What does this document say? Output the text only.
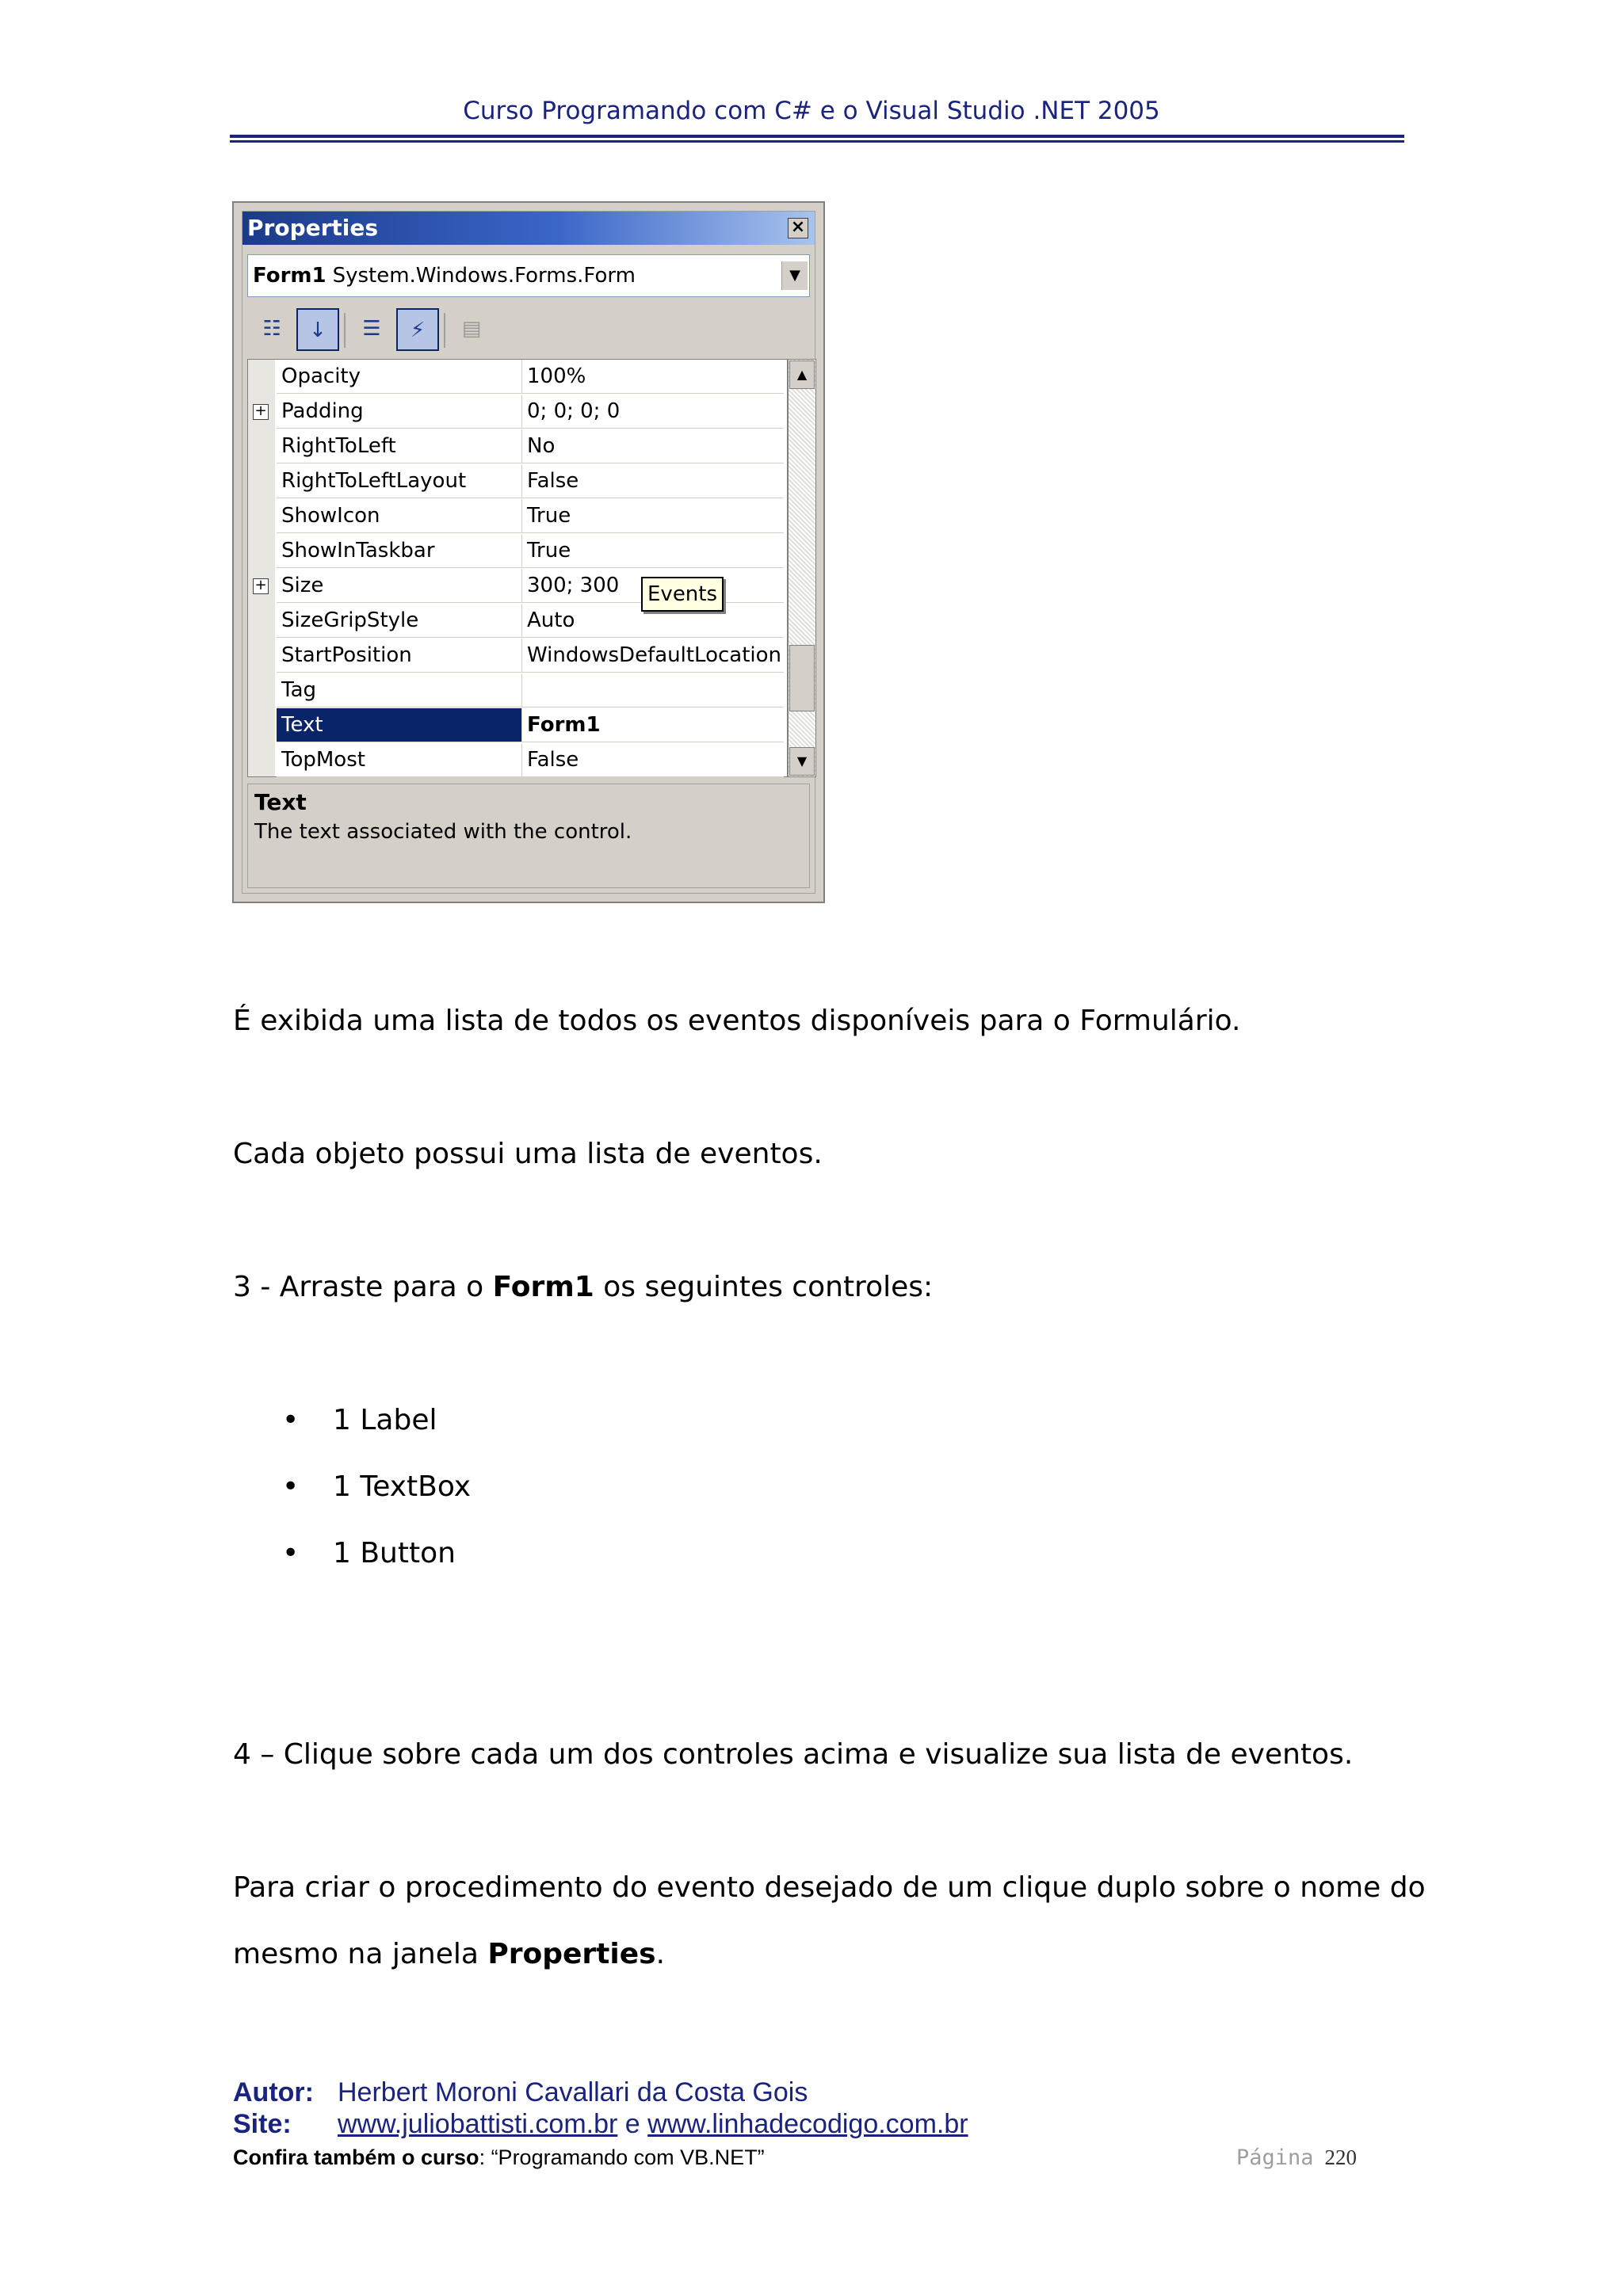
Curso Programando com C# e o Visual Studio .NET 2005
Properties	×
Form1 System.Windows.Forms.Form	▼
☷	↓	☰	⚡	▤
Opacity	100%
+ Padding	0; 0; 0; 0
RightToLeft	No
RightToLeftLayout	False
ShowIcon	True
ShowInTaskbar	True
+ Size	300; 300
SizeGripStyle	Auto
StartPosition	WindowsDefaultLocation
Tag
Text	Form1
TopMost	False
▲
▼
Text
The text associated with the control.
Events
É exibida uma lista de todos os eventos disponíveis para o Formulário.
Cada objeto possui uma lista de eventos.
3 - Arraste para o Form1 os seguintes controles:
• 1 Label
• 1 TextBox
• 1 Button
4 – Clique sobre cada um dos controles acima e visualize sua lista de eventos.
Para criar o procedimento do evento desejado de um clique duplo sobre o nome do
mesmo na janela Properties.
Autor: Herbert Moroni Cavallari da Costa Gois
Site: www.juliobattisti.com.br e www.linhadecodigo.com.br
Confira também o curso: “Programando com VB.NET”	Página 220
